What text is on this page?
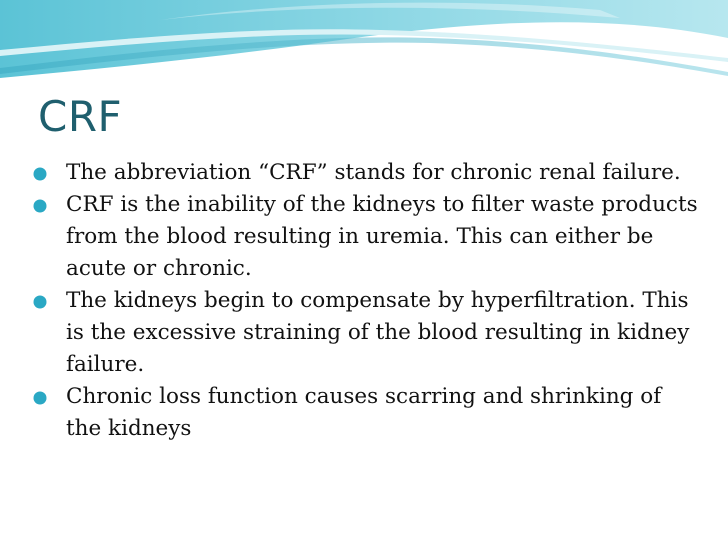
CRF
The abbreviation “CRF” stands for chronic renal failure.
CRF is the inability of the kidneys to filter waste products from the blood resulting in uremia. This can either be acute or chronic.
The kidneys begin to compensate by hyperfiltration. This is the excessive straining of the blood resulting in kidney failure.
Chronic loss function causes scarring and shrinking of the kidneys
